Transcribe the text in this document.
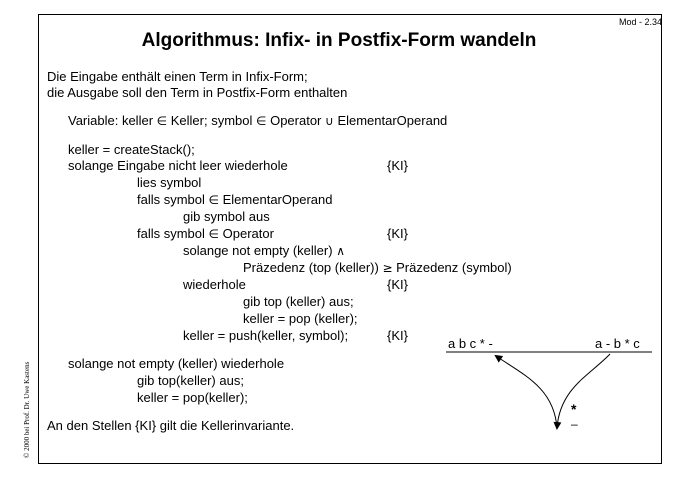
Mod - 2.34
Algorithmus: Infix- in Postfix-Form wandeln
© 2000 bei Prof. Dr. Uwe Kastens
Die Eingabe enthält einen Term in Infix-Form;
die Ausgabe soll den Term in Postfix-Form enthalten
Variable: keller ∈ Keller; symbol ∈ Operator ∪ ElementarOperand
keller = createStack();
solange Eingabe nicht leer wiederhole	{KI}
lies symbol
falls symbol ∈ ElementarOperand
gib symbol aus
falls symbol ∈ Operator	{KI}
solange not empty (keller) ∧
Präzedenz (top (keller)) ≥ Präzedenz (symbol)
wiederhole	{KI}
gib top (keller) aus;
keller = pop (keller);
keller = push(keller, symbol);	{KI}
solange not empty (keller) wiederhole
gib top(keller) aus;
keller = pop(keller);
An den Stellen {KI} gilt die Kellerinvariante.
a b c * -	a - b * c
*
–
